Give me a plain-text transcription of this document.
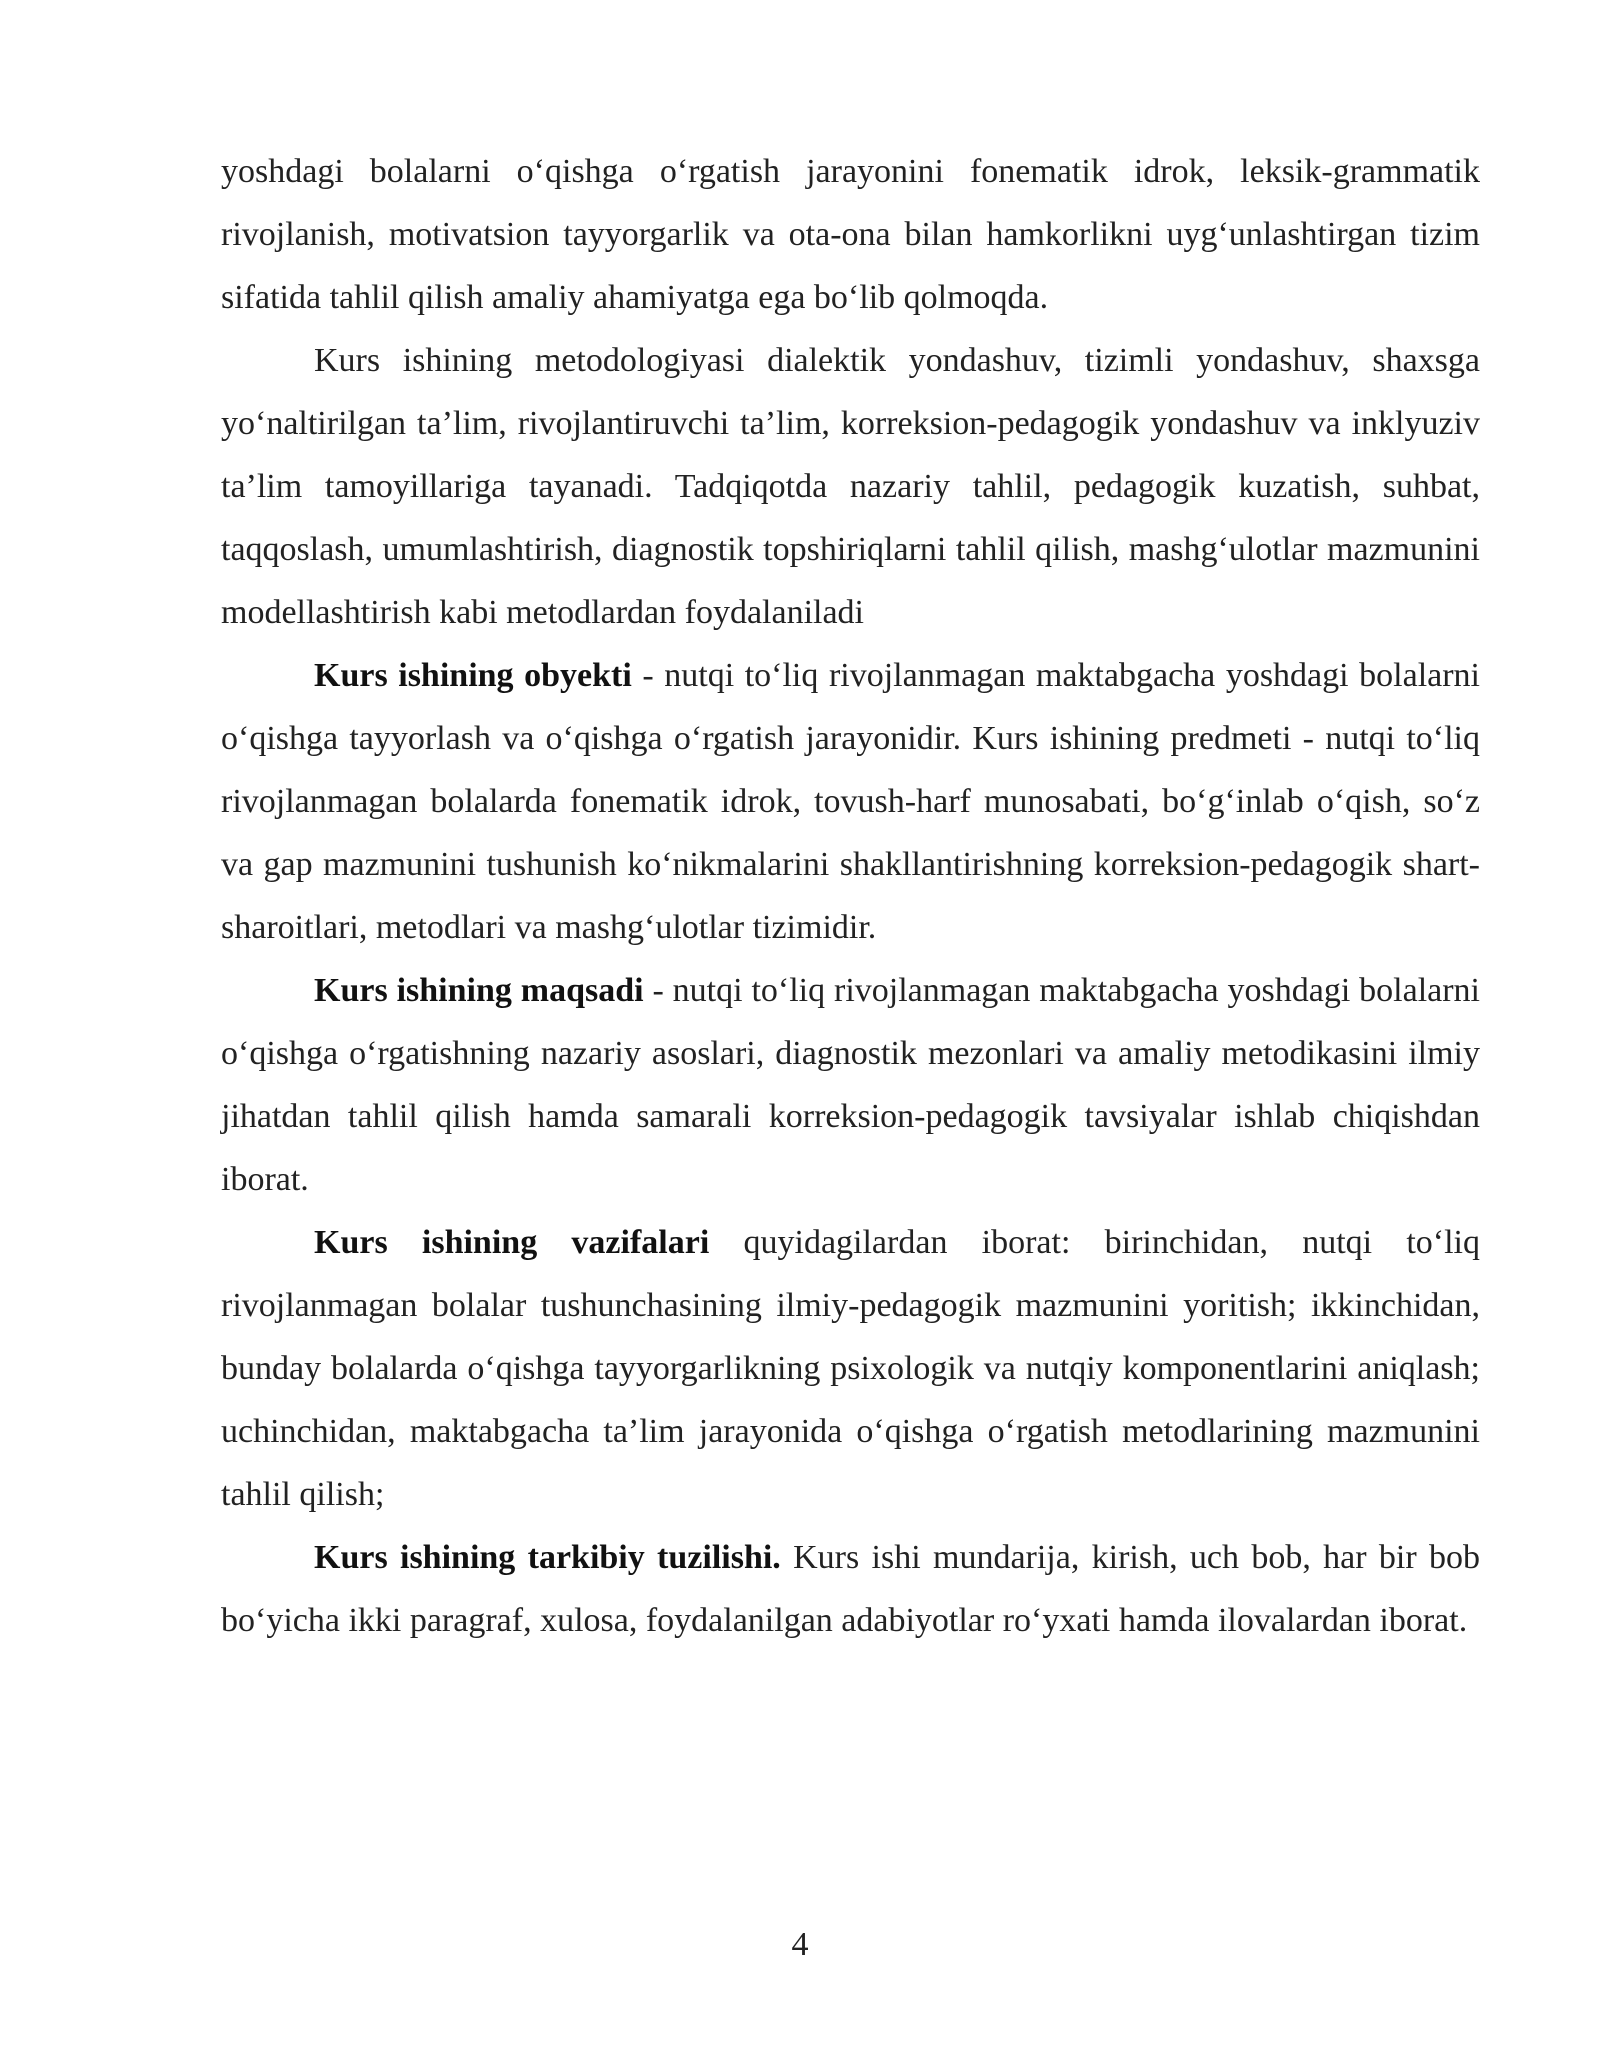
yoshdagi bolalarni o‘qishga o‘rgatish jarayonini fonematik idrok, leksik-grammatik rivojlanish, motivatsion tayyorgarlik va ota-ona bilan hamkorlikni uyg‘unlashtirgan tizim sifatida tahlil qilish amaliy ahamiyatga ega bo‘lib qolmoqda.

Kurs ishining metodologiyasi dialektik yondashuv, tizimli yondashuv, shaxsga yo‘naltirilgan ta’lim, rivojlantiruvchi ta’lim, korreksion-pedagogik yondashuv va inklyuziv ta’lim tamoyillariga tayanadi. Tadqiqotda nazariy tahlil, pedagogik kuzatish, suhbat, taqqoslash, umumlashtirish, diagnostik topshiriqlarni tahlil qilish, mashg‘ulotlar mazmunini modellashtirish kabi metodlardan foydalaniladi

Kurs ishining obyekti - nutqi to‘liq rivojlanmagan maktabgacha yoshdagi bolalarni o‘qishga tayyorlash va o‘qishga o‘rgatish jarayonidir. Kurs ishining predmeti - nutqi to‘liq rivojlanmagan bolalarda fonematik idrok, tovush-harf munosabati, bo‘g‘inlab o‘qish, so‘z va gap mazmunini tushunish ko‘nikmalarini shakllantirishning korreksion-pedagogik shart-sharoitlari, metodlari va mashg‘ulotlar tizimidir.

Kurs ishining maqsadi - nutqi to‘liq rivojlanmagan maktabgacha yoshdagi bolalarni o‘qishga o‘rgatishning nazariy asoslari, diagnostik mezonlari va amaliy metodikasini ilmiy jihatdan tahlil qilish hamda samarali korreksion-pedagogik tavsiyalar ishlab chiqishdan iborat.

Kurs ishining vazifalari quyidagilardan iborat: birinchidan, nutqi to‘liq rivojlanmagan bolalar tushunchasining ilmiy-pedagogik mazmunini yoritish; ikkinchidan, bunday bolalarda o‘qishga tayyorgarlikning psixologik va nutqiy komponentlarini aniqlash; uchinchidan, maktabgacha ta’lim jarayonida o‘qishga o‘rgatish metodlarining mazmunini tahlil qilish;

Kurs ishining tarkibiy tuzilishi. Kurs ishi mundarija, kirish, uch bob, har bir bob bo‘yicha ikki paragraf, xulosa, foydalanilgan adabiyotlar ro‘yxati hamda ilovalardan iborat.

4
